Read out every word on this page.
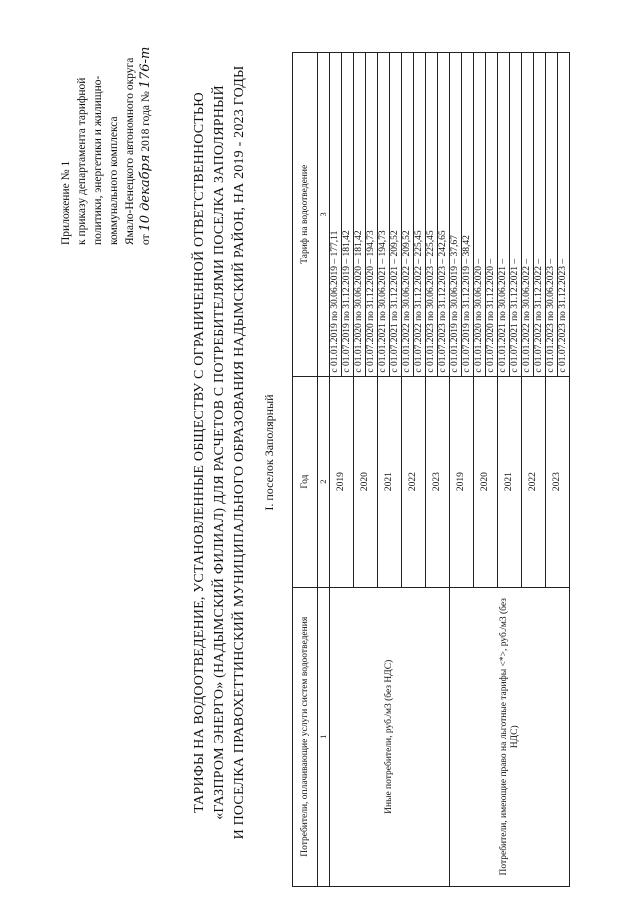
Приложение № 1 к приказу департамента тарифной политики, энергетики и жилищно- коммунального комплекса Ямало-Ненецкого автономного округа от 10 декабря 2018 года № 176-т
ТАРИФЫ НА ВОДООТВЕДЕНИЕ, УСТАНОВЛЕННЫЕ ОБЩЕСТВУ С ОГРАНИЧЕННОЙ ОТВЕТСТВЕННОСТЬЮ «ГАЗПРОМ ЭНЕРГО» (НАДЫМСКИЙ ФИЛИАЛ) ДЛЯ РАСЧЕТОВ С ПОТРЕБИТЕЛЯМИ ПОСЕЛКА ЗАПОЛЯРНЫЙ И ПОСЕЛКА ПРАВОХЕТТИНСКИЙ МУНИЦИПАЛЬНОГО ОБРАЗОВАНИЯ НАДЫМСКИЙ РАЙОН, НА 2019 - 2023 ГОДЫ I. поселок Заполярный
Потребители, оплачивающие услуги систем водоотведения	Год	Тариф на водоотведение
1	2	3
Иные потребители, руб./м3 (без НДС)	2019	с 01.01.2019 по 30.06.2019 – 177,11
		с 01.07.2019 по 31.12.2019 – 181,42
	2020	с 01.01.2020 по 30.06.2020 – 181,42
		с 01.07.2020 по 31.12.2020 – 194,73
	2021	с 01.01.2021 по 30.06.2021 – 194,73
		с 01.07.2021 по 31.12.2021 – 209,52
	2022	с 01.01.2022 по 30.06.2022 – 209,52
		с 01.07.2022 по 31.12.2022 – 225,45
	2023	с 01.01.2023 по 30.06.2023 – 225,45
		с 01.07.2023 по 31.12.2023 – 242,65
Потребители, имеющие право на льготные тарифы <*>, руб./м3 (без НДС)	2019	с 01.01.2019 по 30.06.2019 – 37,67
		с 01.07.2019 по 31.12.2019 – 38,42
	2020	с 01.01.2020 по 30.06.2020 –
		с 01.07.2020 по 31.12.2020 –
	2021	с 01.01.2021 по 30.06.2021 –
		с 01.07.2021 по 31.12.2021 –
	2022	с 01.01.2022 по 30.06.2022 –
		с 01.07.2022 по 31.12.2022 –
	2023	с 01.01.2023 по 30.06.2023 –
		с 01.07.2023 по 31.12.2023 –
